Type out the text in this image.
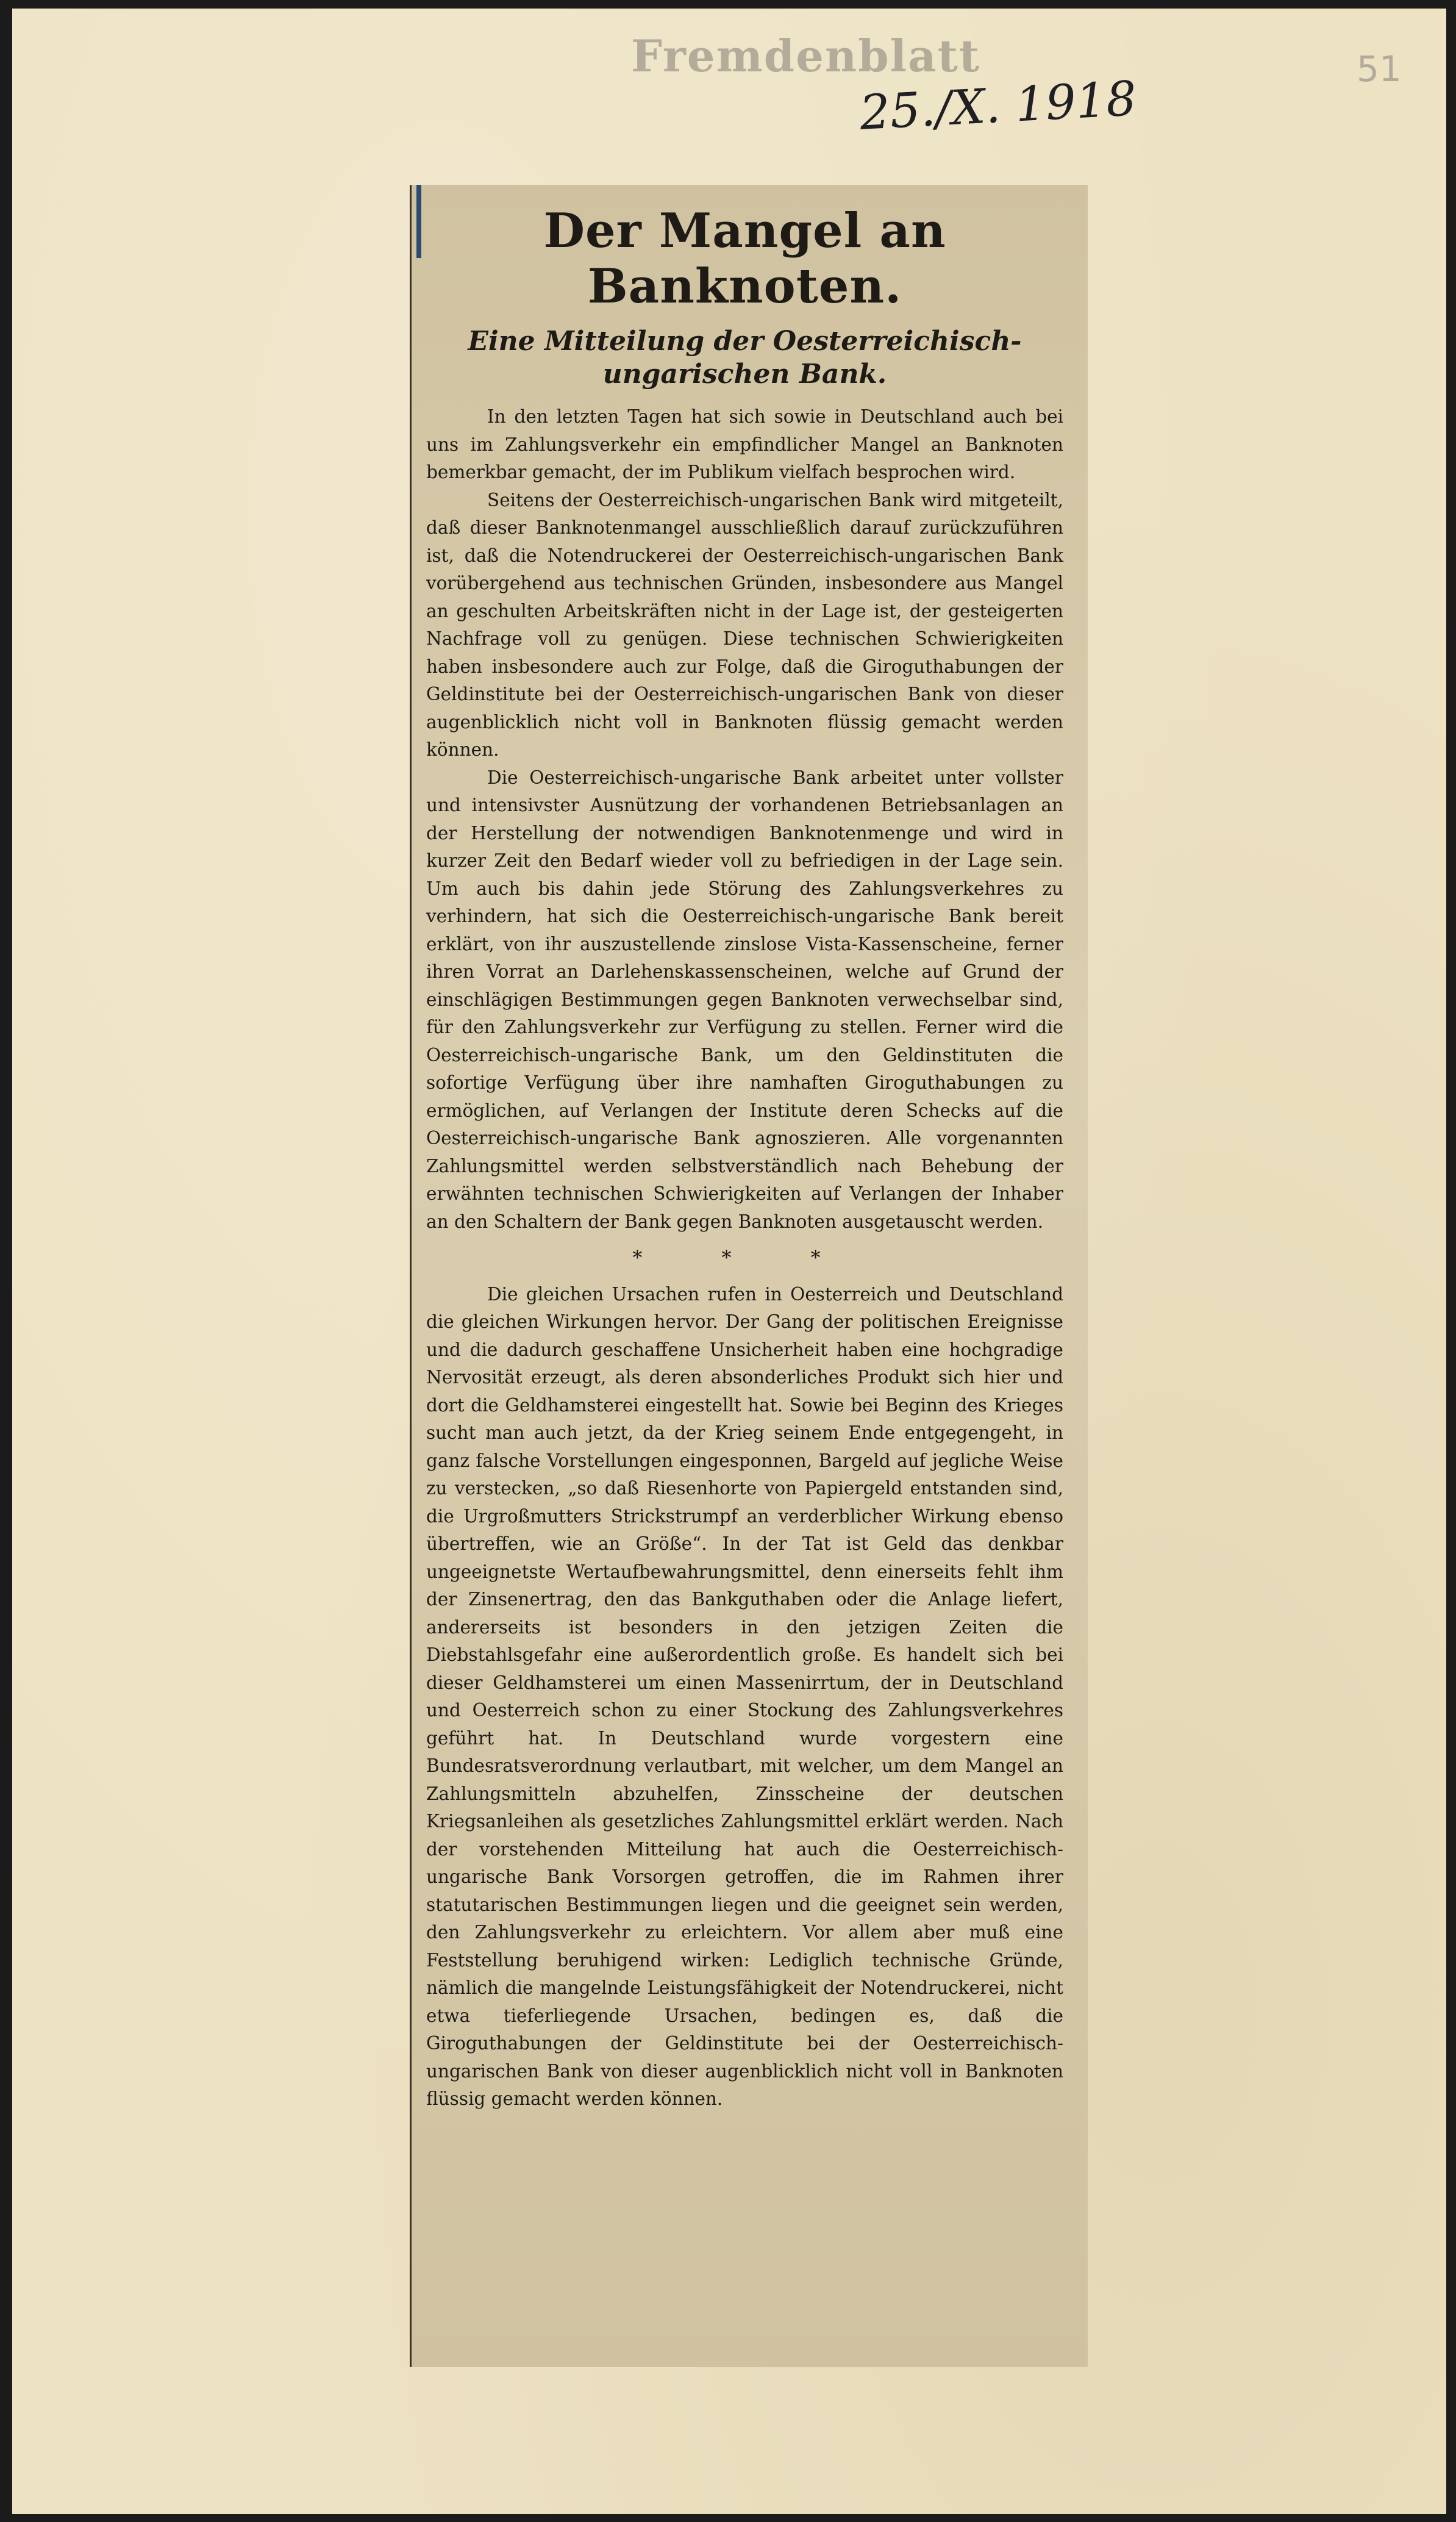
Fremdenblatt
25./X. 1918
51
Der Mangel an Banknoten.
Eine Mitteilung der Oesterreichisch-ungarischen Bank.

In den letzten Tagen hat sich sowie in Deutschland auch bei uns im Zahlungsverkehr ein empfindlicher Mangel an Banknoten bemerkbar gemacht, der im Publikum vielfach besprochen wird.

Seitens der Oesterreichisch-ungarischen Bank wird mitgeteilt, daß dieser Banknotenmangel ausschließlich darauf zurückzuführen ist, daß die Notendruckerei der Oesterreichisch-ungarischen Bank vorübergehend aus technischen Gründen, insbesondere aus Mangel an geschulten Arbeitskräften nicht in der Lage ist, der gesteigerten Nachfrage voll zu genügen. Diese technischen Schwierigkeiten haben insbesondere auch zur Folge, daß die Giroguthabungen der Geldinstitute bei der Oesterreichisch-ungarischen Bank von dieser augenblicklich nicht voll in Banknoten flüssig gemacht werden können.

Die Oesterreichisch-ungarische Bank arbeitet unter vollster und intensivster Ausnützung der vorhandenen Betriebsanlagen an der Herstellung der notwendigen Banknotenmenge und wird in kurzer Zeit den Bedarf wieder voll zu befriedigen in der Lage sein. Um auch bis dahin jede Störung des Zahlungsverkehres zu verhindern, hat sich die Oesterreichisch-ungarische Bank bereit erklärt, von ihr auszustellende zinslose Vista-Kassenscheine, ferner ihren Vorrat an Darlehenskassenscheinen, welche auf Grund der einschlägigen Bestimmungen gegen Banknoten verwechselbar sind, für den Zahlungsverkehr zur Verfügung zu stellen. Ferner wird die Oesterreichisch-ungarische Bank, um den Geldinstituten die sofortige Verfügung über ihre namhaften Giroguthabungen zu ermöglichen, auf Verlangen der Institute deren Schecks auf die Oesterreichisch-ungarische Bank agnoszieren. Alle vorgenannten Zahlungsmittel werden selbstverständlich nach Behebung der erwähnten technischen Schwierigkeiten auf Verlangen der Inhaber an den Schaltern der Bank gegen Banknoten ausgetauscht werden.

* * *

Die gleichen Ursachen rufen in Oesterreich und Deutschland die gleichen Wirkungen hervor. Der Gang der politischen Ereignisse und die dadurch geschaffene Unsicherheit haben eine hochgradige Nervosität erzeugt, als deren absonderliches Produkt sich hier und dort die Geldhamsterei eingestellt hat. Sowie bei Beginn des Krieges sucht man auch jetzt, da der Krieg seinem Ende entgegengeht, in ganz falsche Vorstellungen eingesponnen, Bargeld auf jegliche Weise zu verstecken, „so daß Riesenhorte von Papiergeld entstanden sind, die Urgroßmutters Strickstrumpf an verderblicher Wirkung ebenso übertreffen, wie an Größe“. In der Tat ist Geld das denkbar ungeeignetste Wertaufbewahrungsmittel, denn einerseits fehlt ihm der Zinsenertrag, den das Bankguthaben oder die Anlage liefert, andererseits ist besonders in den jetzigen Zeiten die Diebstahlsgefahr eine außerordentlich große. Es handelt sich bei dieser Geldhamsterei um einen Massenirrtum, der in Deutschland und Oesterreich schon zu einer Stockung des Zahlungsverkehres geführt hat. In Deutschland wurde vorgestern eine Bundesratsverordnung verlautbart, mit welcher, um dem Mangel an Zahlungsmitteln abzuhelfen, Zinsscheine der deutschen Kriegsanleihen als gesetzliches Zahlungsmittel erklärt werden. Nach der vorstehenden Mitteilung hat auch die Oesterreichisch-ungarische Bank Vorsorgen getroffen, die im Rahmen ihrer statutarischen Bestimmungen liegen und die geeignet sein werden, den Zahlungsverkehr zu erleichtern. Vor allem aber muß eine Feststellung beruhigend wirken: Lediglich technische Gründe, nämlich die mangelnde Leistungsfähigkeit der Notendruckerei, nicht etwa tieferliegende Ursachen, bedingen es, daß die Giroguthabungen der Geldinstitute bei der Oesterreichisch-ungarischen Bank von dieser augenblicklich nicht voll in Banknoten flüssig gemacht werden können.
